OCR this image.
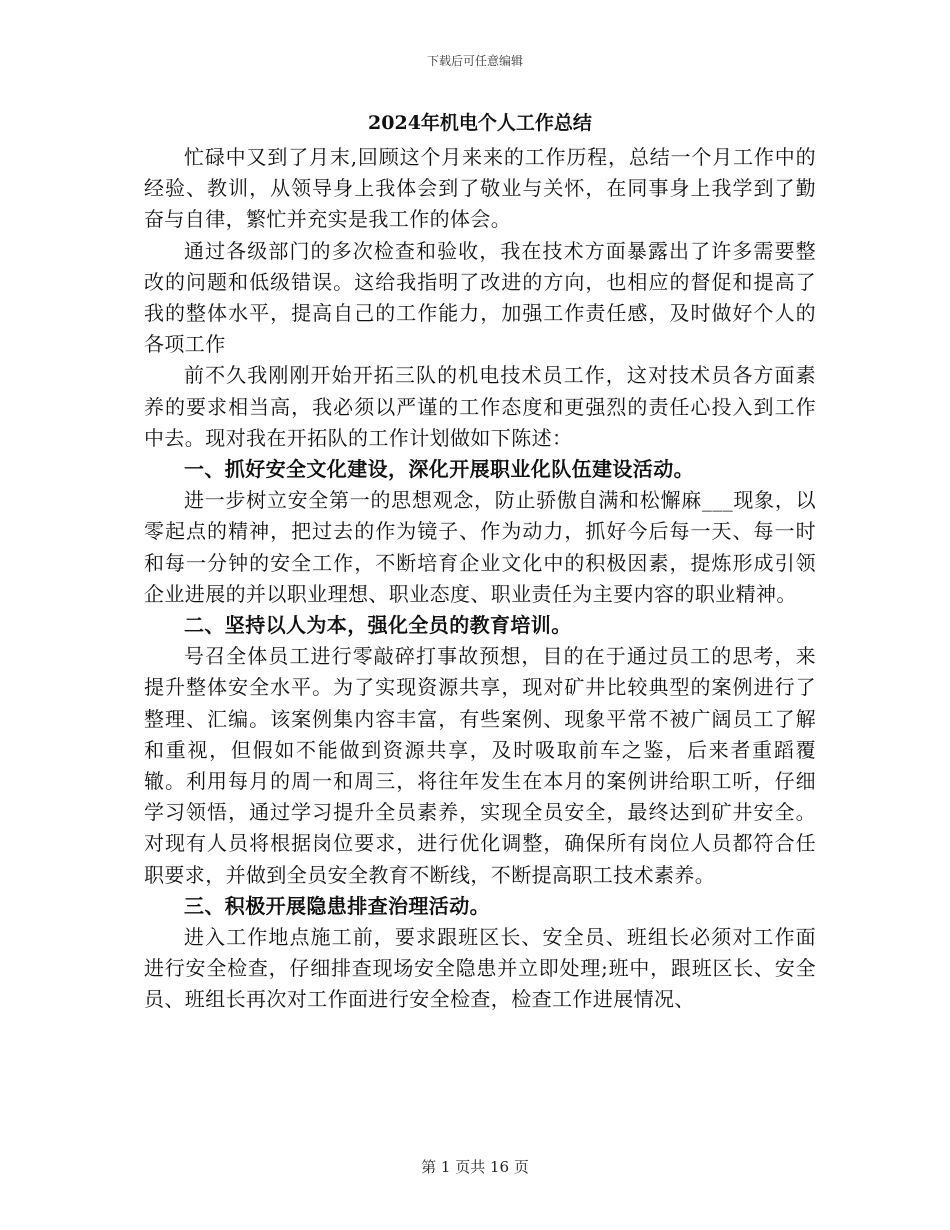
下载后可任意编辑
2024年机电个人工作总结

忙碌中又到了月末,回顾这个月来来的工作历程，总结一个月工作中的经验、教训，从领导身上我体会到了敬业与关怀，在同事身上我学到了勤奋与自律，繁忙并充实是我工作的体会。

通过各级部门的多次检查和验收，我在技术方面暴露出了许多需要整改的问题和低级错误。这给我指明了改进的方向，也相应的督促和提高了我的整体水平，提高自己的工作能力，加强工作责任感，及时做好个人的各项工作

前不久我刚刚开始开拓三队的机电技术员工作，这对技术员各方面素养的要求相当高，我必须以严谨的工作态度和更强烈的责任心投入到工作中去。现对我在开拓队的工作计划做如下陈述：

一、抓好安全文化建设，深化开展职业化队伍建设活动。

进一步树立安全第一的思想观念，防止骄傲自满和松懈麻___现象，以零起点的精神，把过去的作为镜子、作为动力，抓好今后每一天、每一时和每一分钟的安全工作，不断培育企业文化中的积极因素，提炼形成引领企业进展的并以职业理想、职业态度、职业责任为主要内容的职业精神。

二、坚持以人为本，强化全员的教育培训。

号召全体员工进行零敲碎打事故预想，目的在于通过员工的思考，来提升整体安全水平。为了实现资源共享，现对矿井比较典型的案例进行了整理、汇编。该案例集内容丰富，有些案例、现象平常不被广阔员工了解和重视，但假如不能做到资源共享，及时吸取前车之鉴，后来者重蹈覆辙。利用每月的周一和周三，将往年发生在本月的案例讲给职工听，仔细学习领悟，通过学习提升全员素养，实现全员安全，最终达到矿井安全。对现有人员将根据岗位要求，进行优化调整，确保所有岗位人员都符合任职要求，并做到全员安全教育不断线，不断提高职工技术素养。

三、积极开展隐患排查治理活动。

进入工作地点施工前，要求跟班区长、安全员、班组长必须对工作面进行安全检查，仔细排查现场安全隐患并立即处理;班中，跟班区长、安全员、班组长再次对工作面进行安全检查，检查工作进展情况、

第 1 页共 16 页
